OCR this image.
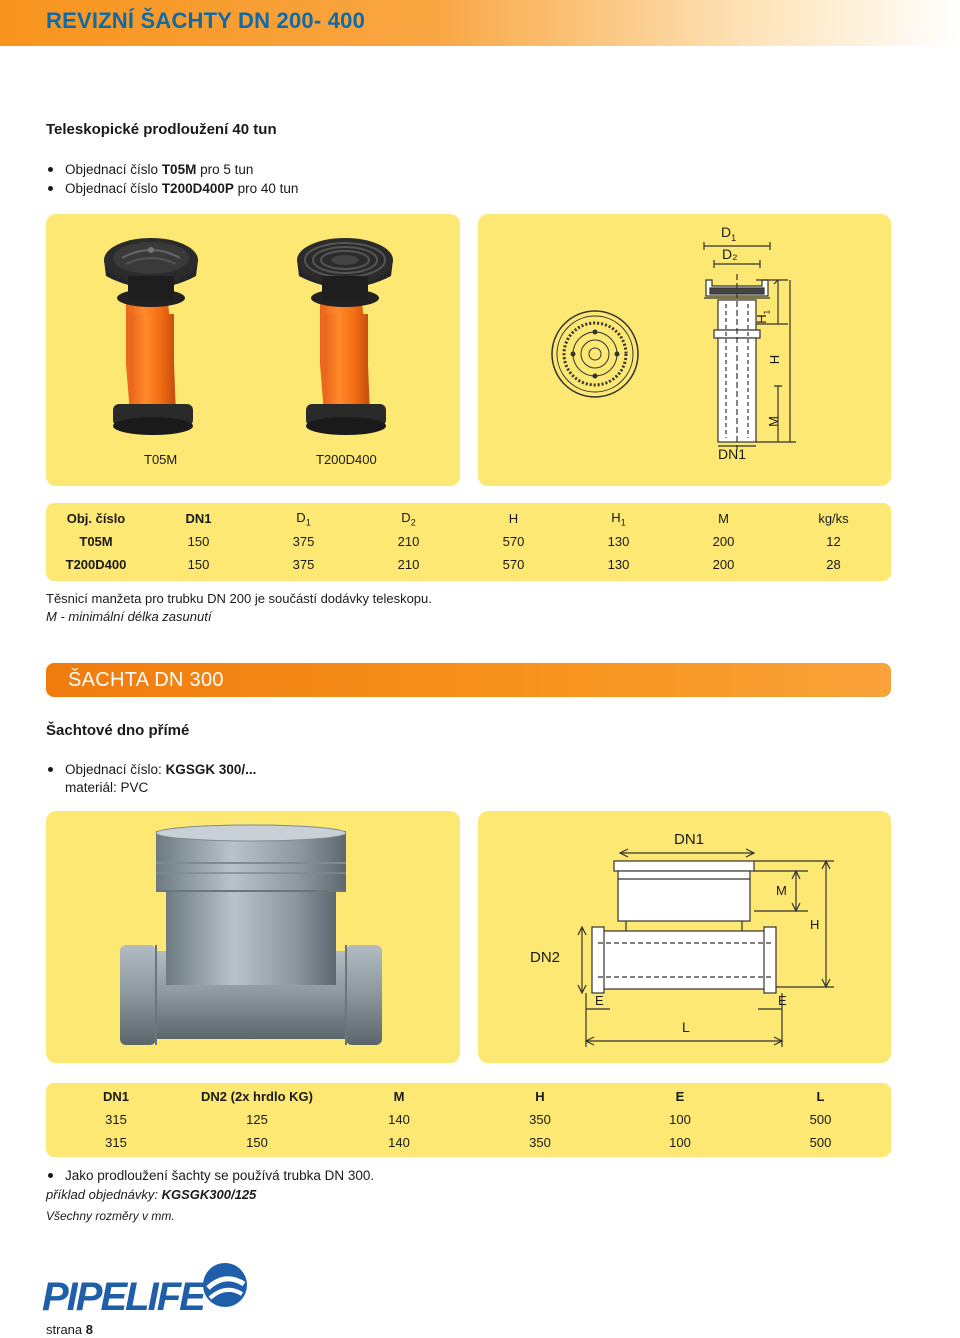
REVIZNÍ ŠACHTY DN 200- 400
Teleskopické prodloužení 40 tun
Objednací číslo T05M pro 5 tun
Objednací číslo T200D400P pro 40 tun
T05M	T200D400
$D_1$
D₂
$H_1$
H
M
DN1
Obj. číslo	DN1	$D_1$	$D_2$	H	$H_1$	M	kg/ks
T05M	150	375	210	570	130	200	12
T200D400	150	375	210	570	130	200	28
Těsnicí manžeta pro trubku DN 200 je součástí dodávky teleskopu.
M - minimální délka zasunutí
ŠACHTA DN 300
Šachtové dno přímé
Objednací číslo: KGSGK 300/...
materiál: PVC
DN1
M
H
DN2
E	E
L
DN1	DN2 (2x hrdlo KG)	M	H	E	L
315	125	140	350	100	500
315	150	140	350	100	500
Jako prodloužení šachty se používá trubka DN 300.
příklad objednávky: KGSGK300/125
Všechny rozměry v mm.
PIPELIFE
strana 8
